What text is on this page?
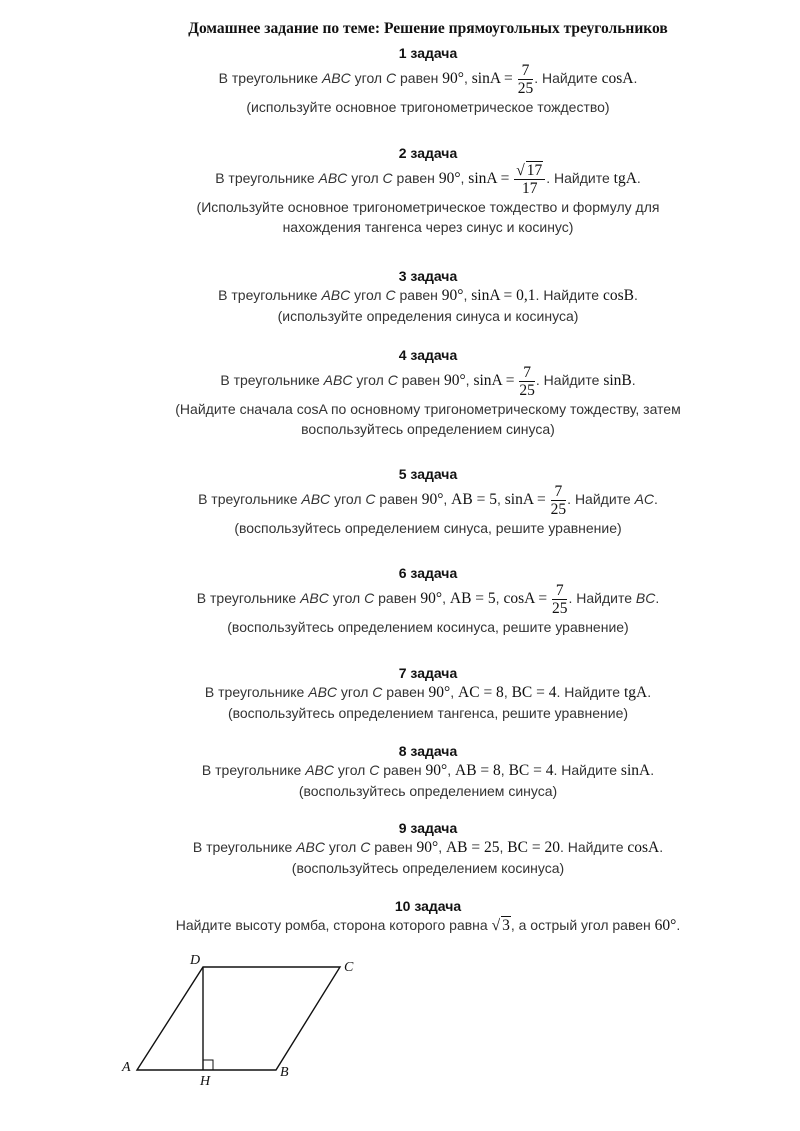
Домашнее задание по теме: Решение прямоугольных треугольников
1 задача
В треугольнике ABC угол C равен 90°, $\sin A = \frac{7}{25}$ . Найдите cosA.
(используйте основное тригонометрическое тождество)
2 задача
В треугольнике ABC угол C равен 90°, $\sin A = \frac{√ 17}{17}$ . Найдите tgA.
(Используйте основное тригонометрическое тождество и формулу для
нахождения тангенса через синус и косинус)
3 задача
В треугольнике ABC угол C равен 90°, sinA = 0,1. Найдите cosB.
(используйте определения синуса и косинуса)
4 задача
В треугольнике ABC угол C равен 90°, $\sin A = \frac{7}{25}$ . Найдите sinB.
(Найдите сначала cosA по основному тригонометрическому тождеству, затем
воспользуйтесь определением синуса)
5 задача
В треугольнике ABC угол C равен 90°, AB = 5, $\sin A = \frac{7}{25}$ . Найдите AC.
(воспользуйтесь определением синуса, решите уравнение)
6 задача
В треугольнике ABC угол C равен 90°, AB = 5, $\cos A = \frac{7}{25}$ . Найдите BC.
(воспользуйтесь определением косинуса, решите уравнение)
7 задача
В треугольнике ABC угол C равен 90°, AC = 8, BC = 4. Найдите tgA.
(воспользуйтесь определением тангенса, решите уравнение)
8 задача
В треугольнике ABC угол C равен 90°, AB = 8, BC = 4. Найдите sinA.
(воспользуйтесь определением синуса)
9 задача
В треугольнике ABC угол C равен 90°, AB = 25, BC = 20. Найдите cosA.
(воспользуйтесь определением косинуса)
10 задача
Найдите высоту ромба, сторона которого равна √ 3, а острый угол равен 60°.
A
D	C
H
B
